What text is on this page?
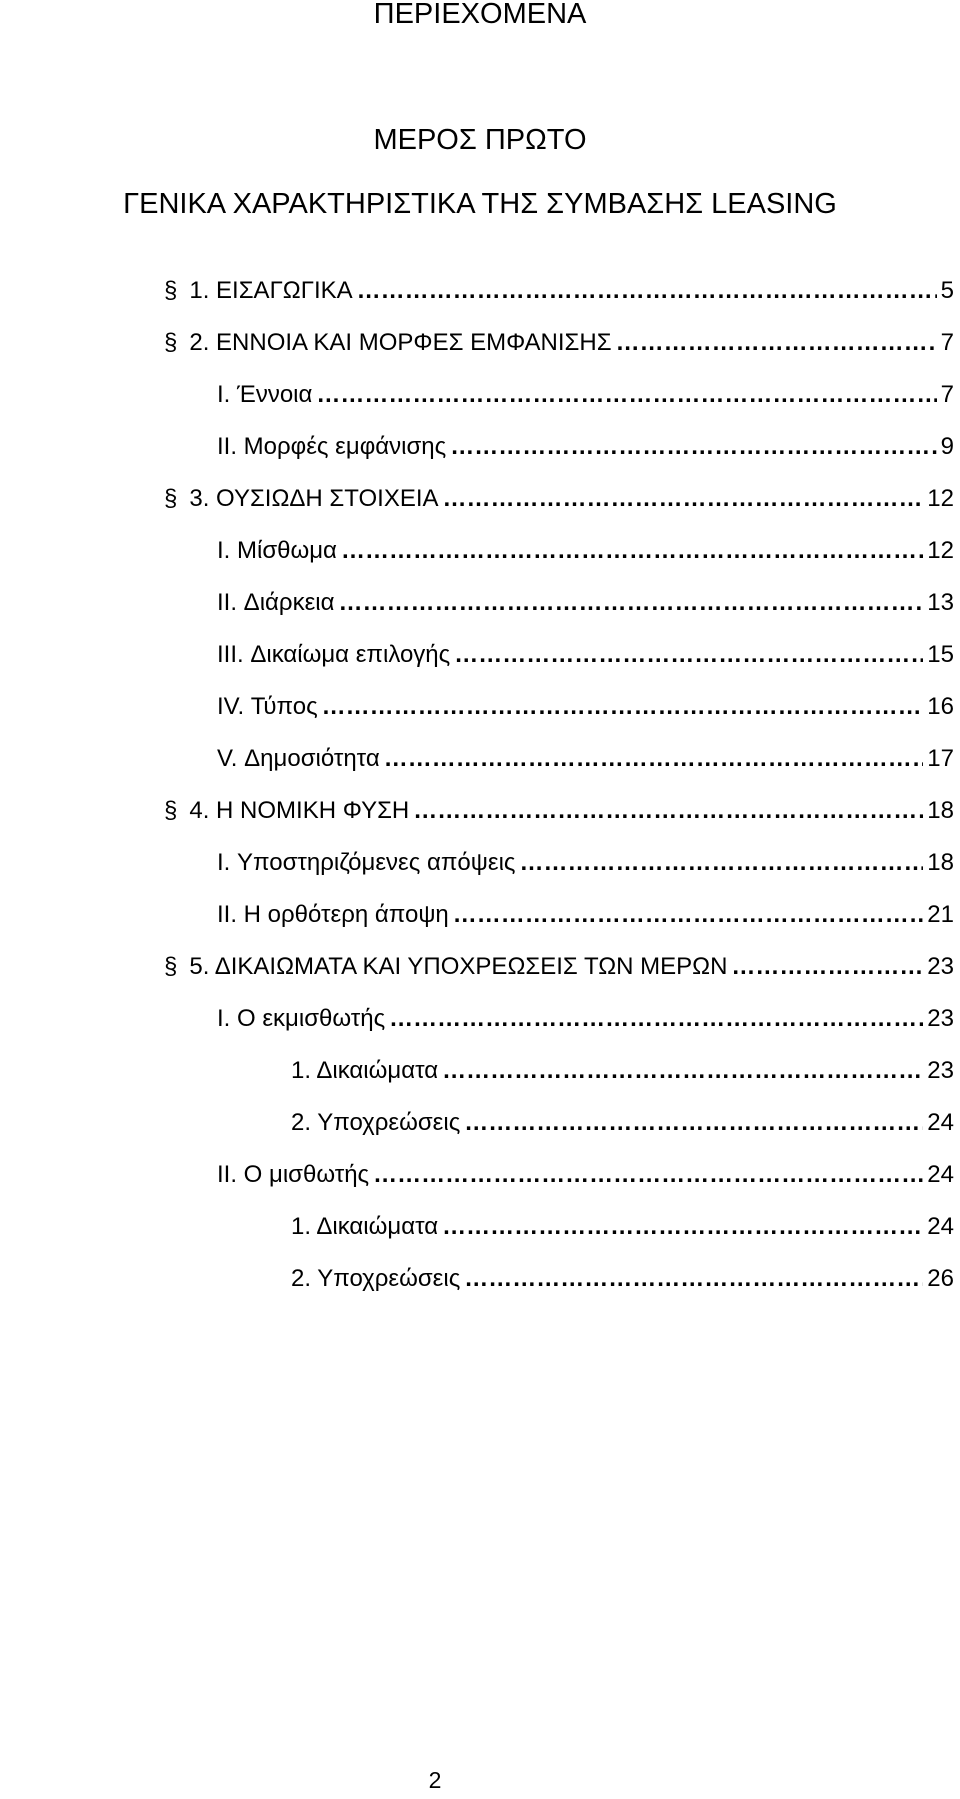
ΠΕΡΙΕΧΟΜΕΝΑ
ΜΕΡΟΣ ΠΡΩΤΟ
ΓΕΝΙΚΑ ΧΑΡΑΚΤΗΡΙΣΤΙΚΑ ΤΗΣ ΣΥΜΒΑΣΗΣ LEASING
§ 1. ΕΙΣΑΓΩΓΙΚΑ ……………………………………………………………………………………………………………………………………………………………………………………………………………………………………	5
§ 2. ΕΝΝΟΙΑ ΚΑΙ ΜΟΡΦΕΣ ΕΜΦΑΝΙΣΗΣ ……………………………………………………………………………………………………………………………………………………………………………………………………………………………………	7
I. Έννοια ……………………………………………………………………………………………………………………………………………………………………………………………………………………………………	7
II. Μορφές εμφάνισης ……………………………………………………………………………………………………………………………………………………………………………………………………………………………………	9
§ 3. ΟΥΣΙΩΔΗ ΣΤΟΙΧΕΙΑ ……………………………………………………………………………………………………………………………………………………………………………………………………………………………………	12
I. Μίσθωμα ……………………………………………………………………………………………………………………………………………………………………………………………………………………………………	12
II. Διάρκεια ……………………………………………………………………………………………………………………………………………………………………………………………………………………………………	13
III. Δικαίωμα επιλογής ……………………………………………………………………………………………………………………………………………………………………………………………………………………………………	15
IV. Τύπος ……………………………………………………………………………………………………………………………………………………………………………………………………………………………………	16
V. Δημοσιότητα ……………………………………………………………………………………………………………………………………………………………………………………………………………………………………	17
§ 4. Η ΝΟΜΙΚΗ ΦΥΣΗ ……………………………………………………………………………………………………………………………………………………………………………………………………………………………………	18
I. Υποστηριζόμενες απόψεις ……………………………………………………………………………………………………………………………………………………………………………………………………………………………………	18
II. Η ορθότερη άποψη ……………………………………………………………………………………………………………………………………………………………………………………………………………………………………	21
§ 5. ΔΙΚΑΙΩΜΑΤΑ ΚΑΙ ΥΠΟΧΡΕΩΣΕΙΣ ΤΩΝ ΜΕΡΩΝ ……………………………………………………………………………………………………………………………………………………………………………………………………………………………………	23
I. Ο εκμισθωτής ……………………………………………………………………………………………………………………………………………………………………………………………………………………………………	23
1. Δικαιώματα ……………………………………………………………………………………………………………………………………………………………………………………………………………………………………	23
2. Υποχρεώσεις ……………………………………………………………………………………………………………………………………………………………………………………………………………………………………	24
II. Ο μισθωτής ……………………………………………………………………………………………………………………………………………………………………………………………………………………………………	24
1. Δικαιώματα ……………………………………………………………………………………………………………………………………………………………………………………………………………………………………	24
2. Υποχρεώσεις ……………………………………………………………………………………………………………………………………………………………………………………………………………………………………	26
2
